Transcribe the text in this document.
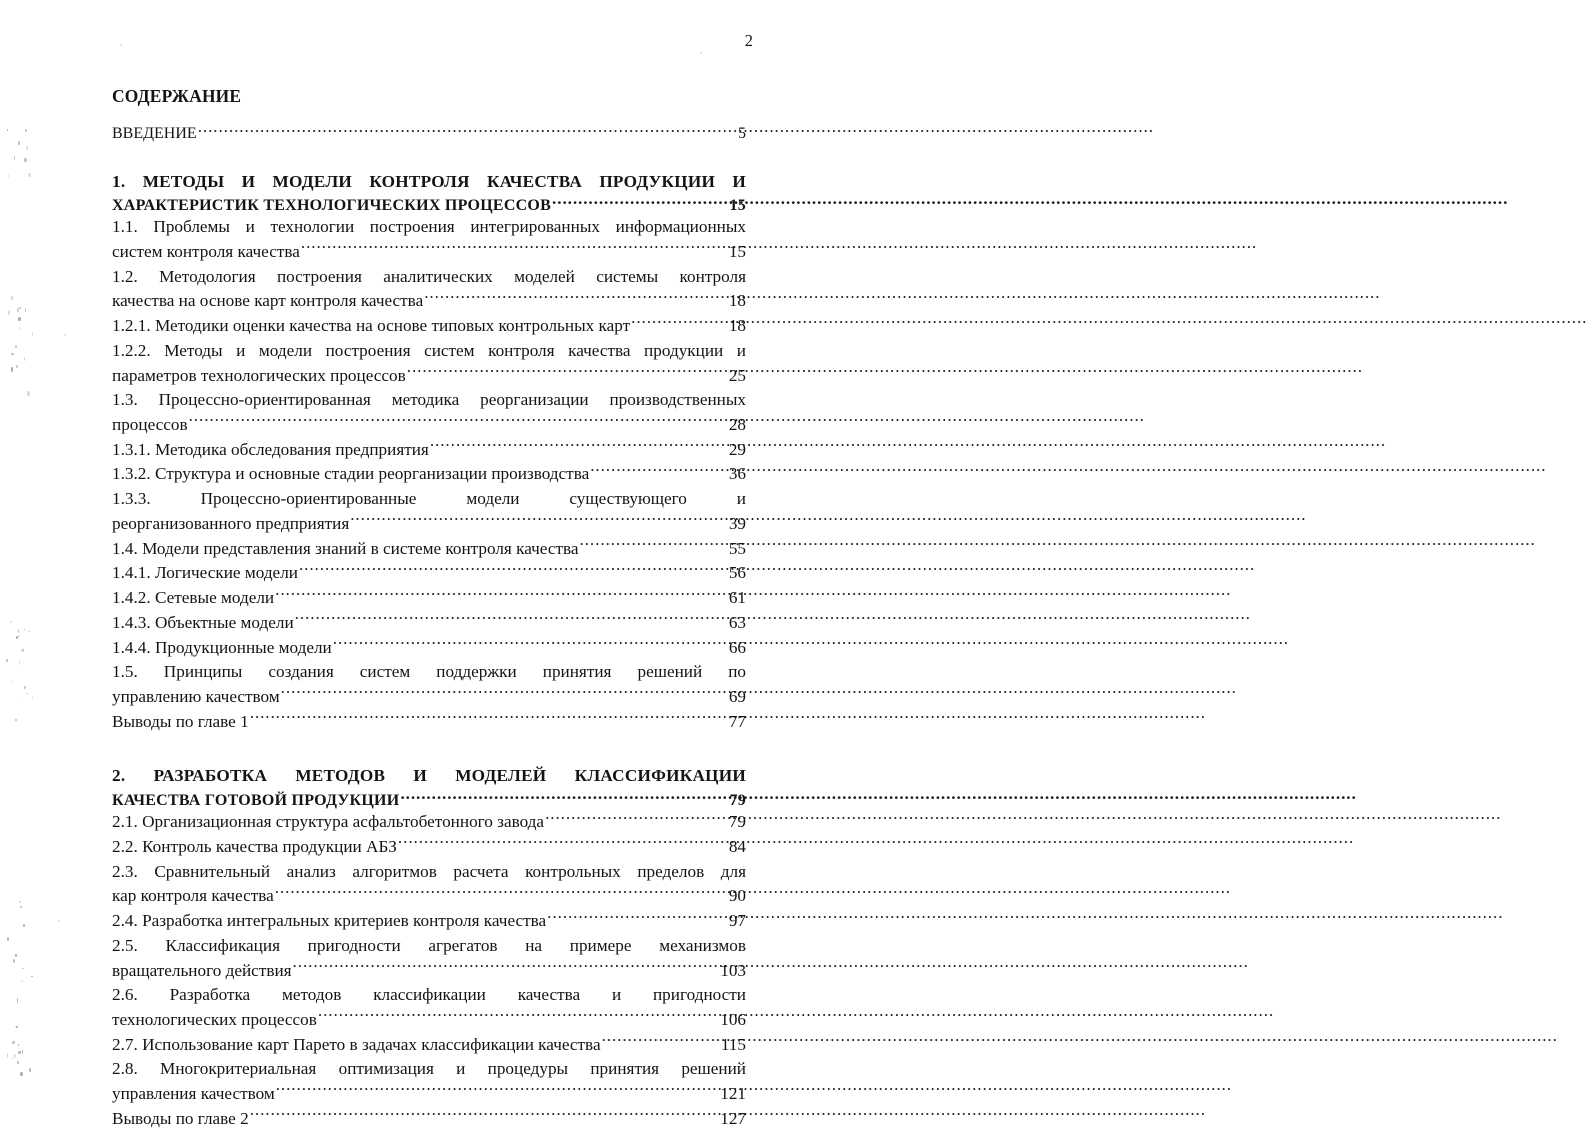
2
СОДЕРЖАНИЕ
ВВЕДЕНИЕ .....	5
1. МЕТОДЫ И МОДЕЛИ КОНТРОЛЯ КАЧЕСТВА ПРОДУКЦИИ И
ХАРАКТЕРИСТИК ТЕХНОЛОГИЧЕСКИХ ПРОЦЕССОВ .....	15
1.1. Проблемы и технологии построения интегрированных информационных
систем контроля качества .....	15
1.2. Методология построения аналитических моделей системы контроля
качества на основе карт контроля качества .....	18
1.2.1. Методики оценки качества на основе типовых контрольных карт .....	18
1.2.2. Методы и модели построения систем контроля качества продукции и
параметров технологических процессов .....	25
1.3. Процессно-ориентированная методика реорганизации производственных
процессов .....	28
1.3.1. Методика обследования предприятия .....	29
1.3.2. Структура и основные стадии реорганизации производства .....	36
1.3.3. Процессно-ориентированные модели существующего и
реорганизованного предприятия .....	39
1.4. Модели представления знаний в системе контроля качества .....	55
1.4.1. Логические модели .....	56
1.4.2. Сетевые модели .....	61
1.4.3. Объектные модели .....	63
1.4.4. Продукционные модели .....	66
1.5. Принципы создания систем поддержки принятия решений по
управлению качеством .....	69
Выводы по главе 1 .....	77
2. РАЗРАБОТКА МЕТОДОВ И МОДЕЛЕЙ КЛАССИФИКАЦИИ
КАЧЕСТВА ГОТОВОЙ ПРОДУКЦИИ .....	79
2.1. Организационная структура асфальтобетонного завода .....	79
2.2. Контроль качества продукции АБЗ .....	84
2.3. Сравнительный анализ алгоритмов расчета контрольных пределов для
кар контроля качества .....	90
2.4. Разработка интегральных критериев контроля качества .....	97
2.5. Классификация пригодности агрегатов на примере механизмов
вращательного действия .....	103
2.6. Разработка методов классификации качества и пригодности
технологических процессов .....	106
2.7. Использование карт Парето в задачах классификации качества .....	115
2.8. Многокритериальная оптимизация и процедуры принятия решений
управления качеством .....	121
Выводы по главе 2 .....	127
